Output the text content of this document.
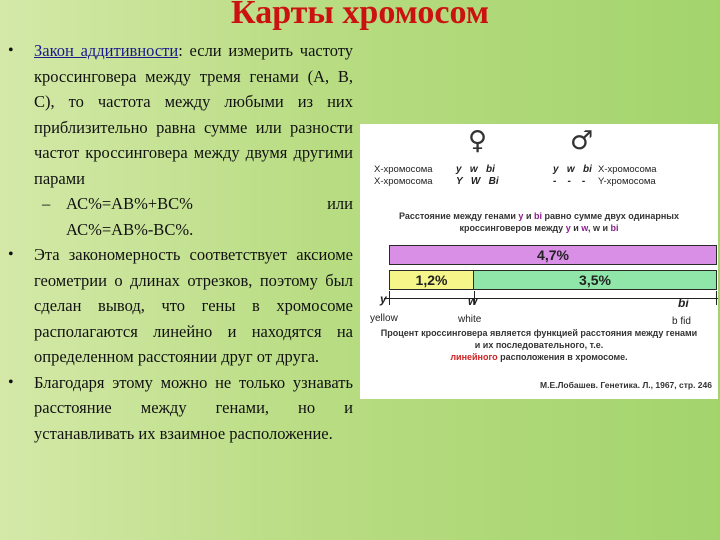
Карты хромосом
• Закон аддитивности: если измерить частоту кроссинговера между тремя генами (A, B, C), то частота между любыми из них приблизительно равна сумме или разности частот кроссинговера между двумя другими парами
– АС%=АВ%+ВС%	или
АС%=АВ%-ВС%.
• Эта закономерность соответствует аксиоме геометрии о длинах отрезков, поэтому был сделан вывод, что гены в хромосоме располагаются линейно и находятся на определенном расстоянии друг от друга.
• Благодаря этому можно не только узнавать расстояние между генами, но и устанавливать их взаимное расположение.
♀	♂
Х-хромосома
Х-хромосома
y   w   bi
Y   W   Bi
y   w   bi
-    -    -
Х-хромосома
Y-хромосома
Расстояние между генами y и bi равно сумме двух одинарных
кроссинговеров между y и w, w и bi
4,7%
1,2%	3,5%
y	w	bi
yellow	white	b fid
Процент кроссинговера является функцией расстояния между генами
и их последовательного, т.е.
линейного расположения в хромосоме.
М.Е.Лобашев. Генетика. Л., 1967, стр. 246
